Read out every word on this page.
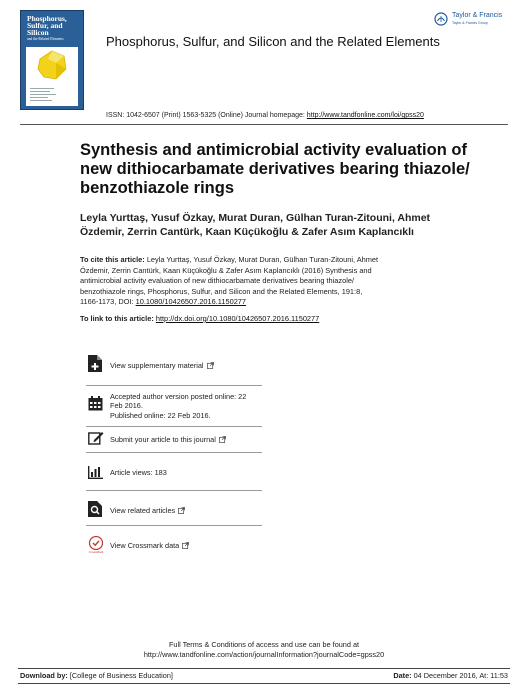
Phosphorus,
Sulfur, and
Silicon
and the Related Elements
Taylor & Francis
Taylor & Francis Group
Phosphorus, Sulfur, and Silicon and the Related Elements
ISSN: 1042-6507 (Print) 1563-5325 (Online) Journal homepage: http://www.tandfonline.com/loi/gpss20
Synthesis and antimicrobial activity evaluation of
new dithiocarbamate derivatives bearing thiazole/
benzothiazole rings
Leyla Yurttaş, Yusuf Özkay, Murat Duran, Gülhan Turan-Zitouni, Ahmet
Özdemir, Zerrin Cantürk, Kaan Küçükoğlu & Zafer Asım Kaplancıklı
To cite this article: Leyla Yurttaş, Yusuf Özkay, Murat Duran, Gülhan Turan-Zitouni, Ahmet
Özdemir, Zerrin Cantürk, Kaan Küçükoğlu & Zafer Asım Kaplancıklı (2016) Synthesis and
antimicrobial activity evaluation of new dithiocarbamate derivatives bearing thiazole/
benzothiazole rings, Phosphorus, Sulfur, and Silicon and the Related Elements, 191:8,
1166-1173, DOI: 10.1080/10426507.2016.1150277
To link to this article: http://dx.doi.org/10.1080/10426507.2016.1150277
View supplementary material
Accepted author version posted online: 22
Feb 2016.
Published online: 22 Feb 2016.
Submit your article to this journal
Article views: 183
View related articles
CrossMark
View Crossmark data
Full Terms & Conditions of access and use can be found at
http://www.tandfonline.com/action/journalInformation?journalCode=gpss20
Download by: [College of Business Education]	Date: 04 December 2016, At: 11:53
